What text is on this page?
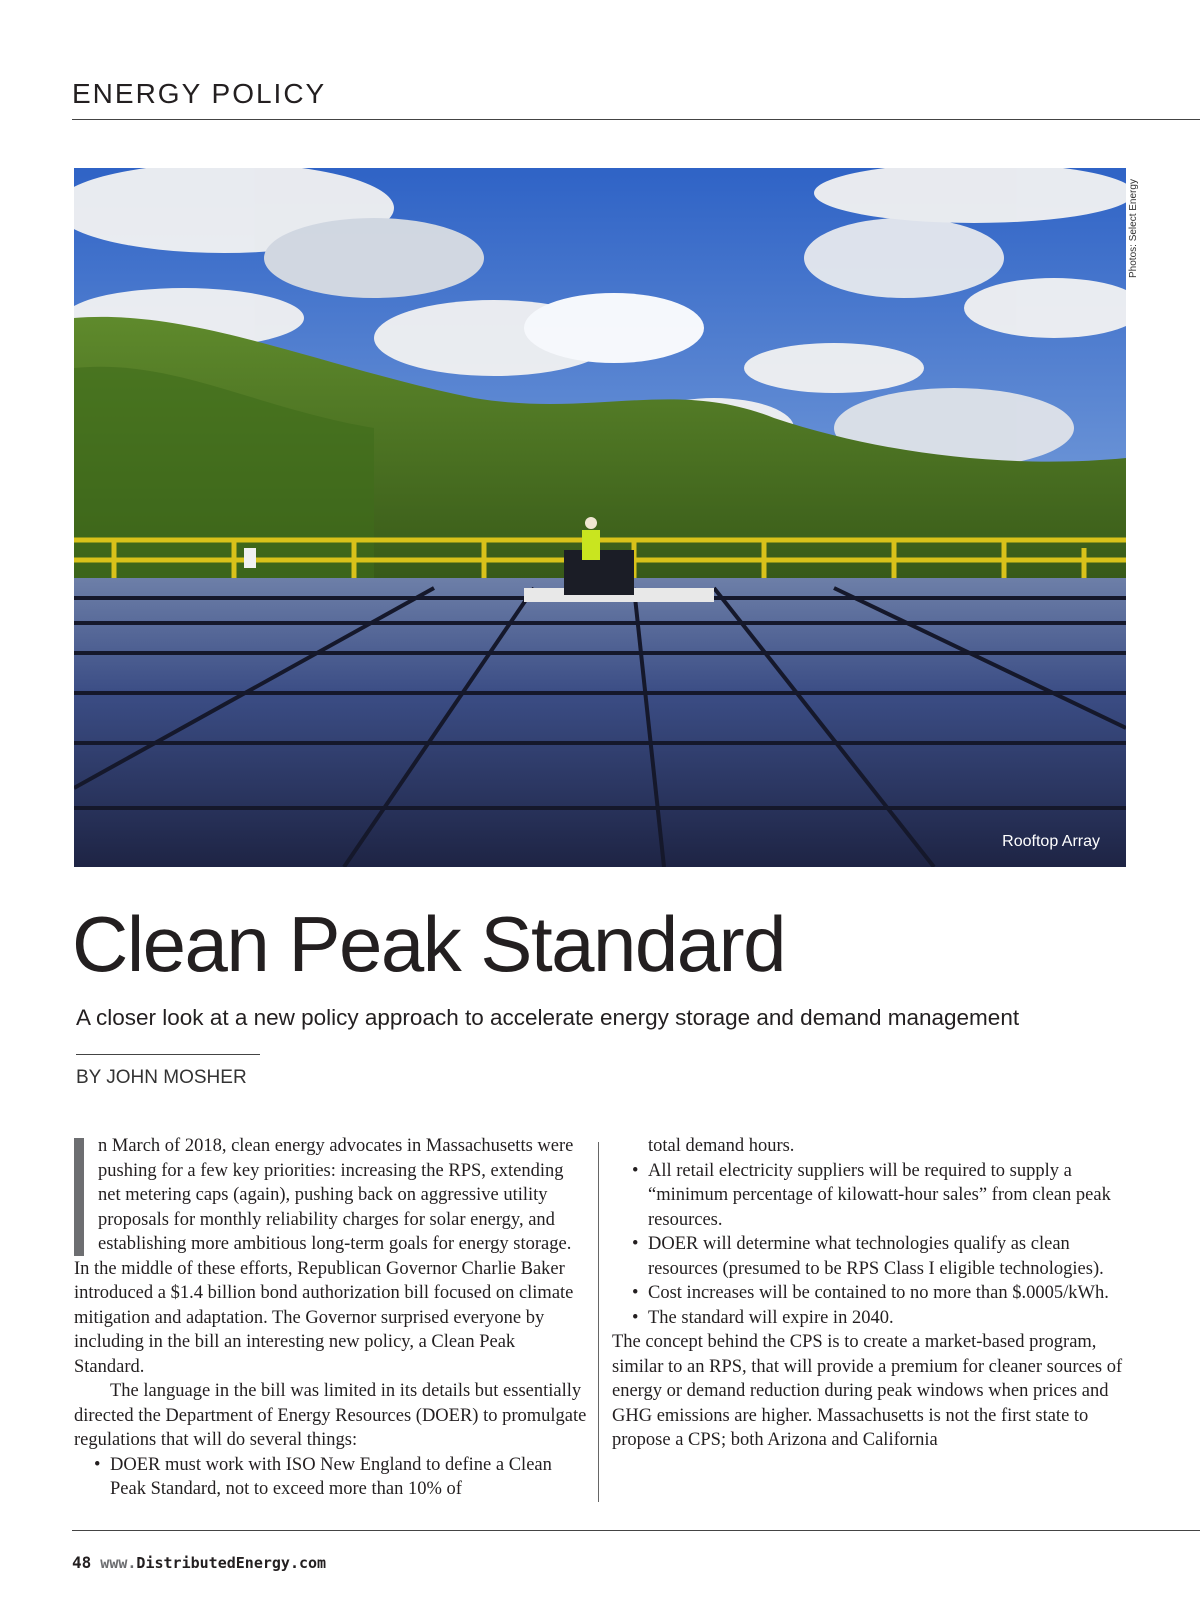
ENERGY POLICY
Rooftop Array
Photos: Select Energy
Clean Peak Standard

A closer look at a new policy approach to accelerate energy storage and demand management

BY JOHN MOSHER

n March of 2018, clean energy advocates in Massachusetts were pushing for a few key priorities: increasing the RPS, extending net metering caps (again), pushing back on aggressive utility proposals for monthly reliability charges for solar energy, and establishing more ambitious long-term goals for energy storage. In the middle of these efforts, Republican Governor Charlie Baker introduced a $1.4 billion bond authorization bill focused on climate mitigation and adaptation. The Governor surprised everyone by including in the bill an interesting new policy, a Clean Peak Standard.

The language in the bill was limited in its details but essentially directed the Department of Energy Resources (DOER) to promulgate regulations that will do several things:

• DOER must work with ISO New England to define a Clean Peak Standard, not to exceed more than 10% of

total demand hours.

• All retail electricity suppliers will be required to supply a “minimum percentage of kilowatt-hour sales” from clean peak resources.
• DOER will determine what technologies qualify as clean resources (presumed to be RPS Class I eligible technologies).
• Cost increases will be contained to no more than $.0005/kWh.
• The standard will expire in 2040.

The concept behind the CPS is to create a market-based program, similar to an RPS, that will provide a premium for cleaner sources of energy or demand reduction during peak windows when prices and GHG emissions are higher. Massachusetts is not the first state to propose a CPS; both Arizona and California

48 www.DistributedEnergy.com
